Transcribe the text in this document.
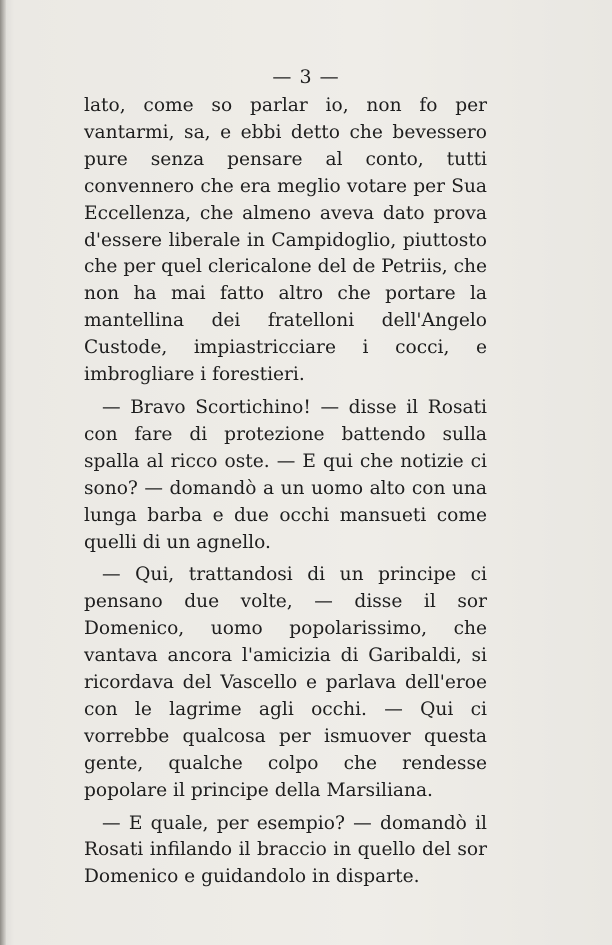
— 3 —

lato, come so parlar io, non fo per vantarmi, sa, e ebbi detto che bevessero pure senza pensare al conto, tutti convennero che era meglio votare per Sua Eccellenza, che almeno aveva dato prova d'essere liberale in Campidoglio, piuttosto che per quel clericalone del de Petriis, che non ha mai fatto altro che portare la mantellina dei fratelloni dell'Angelo Custode, impiastricciare i cocci, e imbrogliare i forestieri.

— Bravo Scortichino! — disse il Rosati con fare di protezione battendo sulla spalla al ricco oste. — E qui che notizie ci sono? — domandò a un uomo alto con una lunga barba e due occhi mansueti come quelli di un agnello.

— Qui, trattandosi di un principe ci pensano due volte, — disse il sor Domenico, uomo popolarissimo, che vantava ancora l'amicizia di Garibaldi, si ricordava del Vascello e parlava dell'eroe con le lagrime agli occhi. — Qui ci vorrebbe qualcosa per ismuover questa gente, qualche colpo che rendesse popolare il principe della Marsiliana.

— E quale, per esempio? — domandò il Rosati infilando il braccio in quello del sor Domenico e guidandolo in disparte.
